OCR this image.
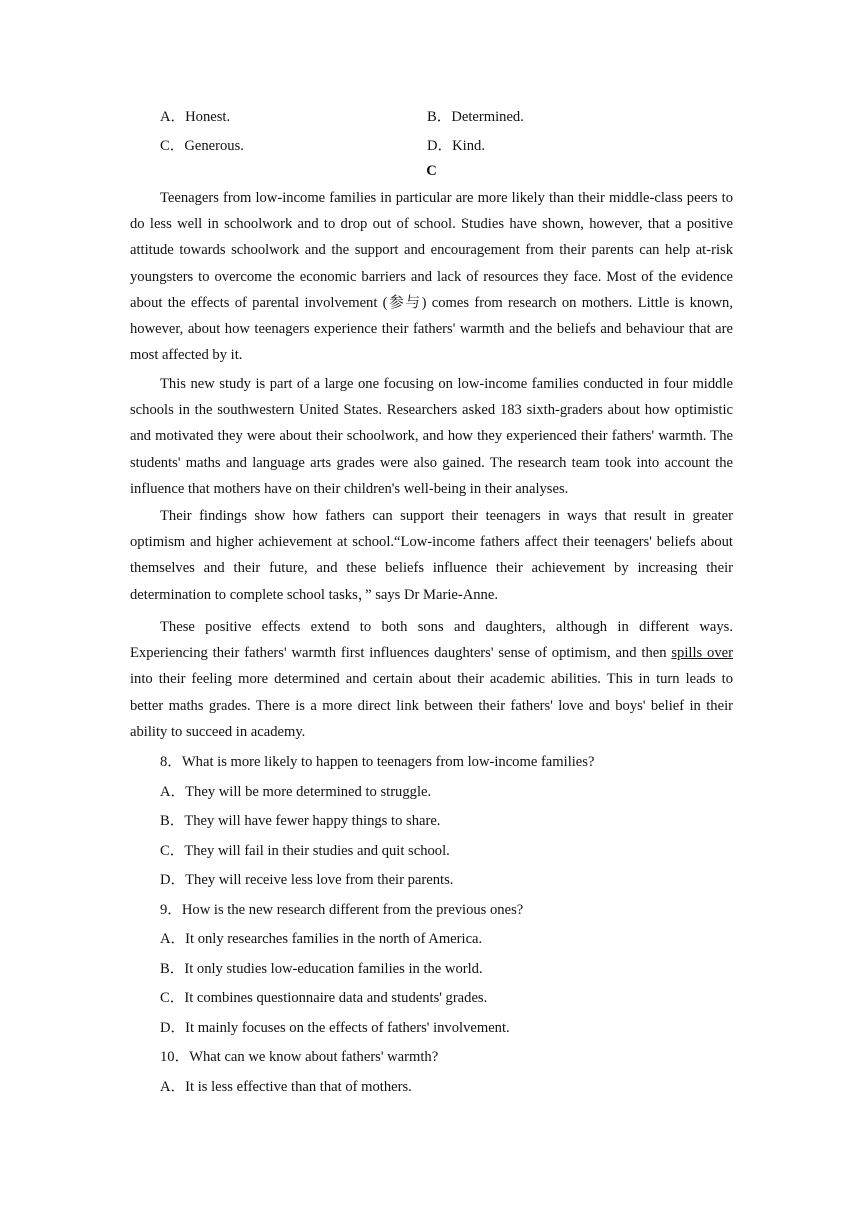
A．Honest.	B．Determined.
C．Generous.	D．Kind.
C
Teenagers from low-income families in particular are more likely than their middle-class peers to do less well in schoolwork and to drop out of school. Studies have shown, however, that a positive attitude towards schoolwork and the support and encouragement from their parents can help at-risk youngsters to overcome the economic barriers and lack of resources they face. Most of the evidence about the effects of parental involvement (参与) comes from research on mothers. Little is known, however, about how teenagers experience their fathers' warmth and the beliefs and behaviour that are most affected by it.
This new study is part of a large one focusing on low-income families conducted in four middle schools in the southwestern United States. Researchers asked 183 sixth-graders about how optimistic and motivated they were about their schoolwork, and how they experienced their fathers' warmth. The students' maths and language arts grades were also gained. The research team took into account the influence that mothers have on their children's well-being in their analyses.
Their findings show how fathers can support their teenagers in ways that result in greater optimism and higher achievement at school.“Low-income fathers affect their teenagers' beliefs about themselves and their future, and these beliefs influence their achievement by increasing their determination to complete school tasks，” says Dr Marie-Anne.
These positive effects extend to both sons and daughters, although in different ways. Experiencing their fathers' warmth first influences daughters' sense of optimism, and then spills over into their feeling more determined and certain about their academic abilities. This in turn leads to better maths grades. There is a more direct link between their fathers' love and boys' belief in their ability to succeed in academy.
8．What is more likely to happen to teenagers from low-income families?
A．They will be more determined to struggle.
B．They will have fewer happy things to share.
C．They will fail in their studies and quit school.
D．They will receive less love from their parents.
9．How is the new research different from the previous ones?
A．It only researches families in the north of America.
B．It only studies low-education families in the world.
C．It combines questionnaire data and students' grades.
D．It mainly focuses on the effects of fathers' involvement.
10．What can we know about fathers' warmth?
A．It is less effective than that of mothers.
